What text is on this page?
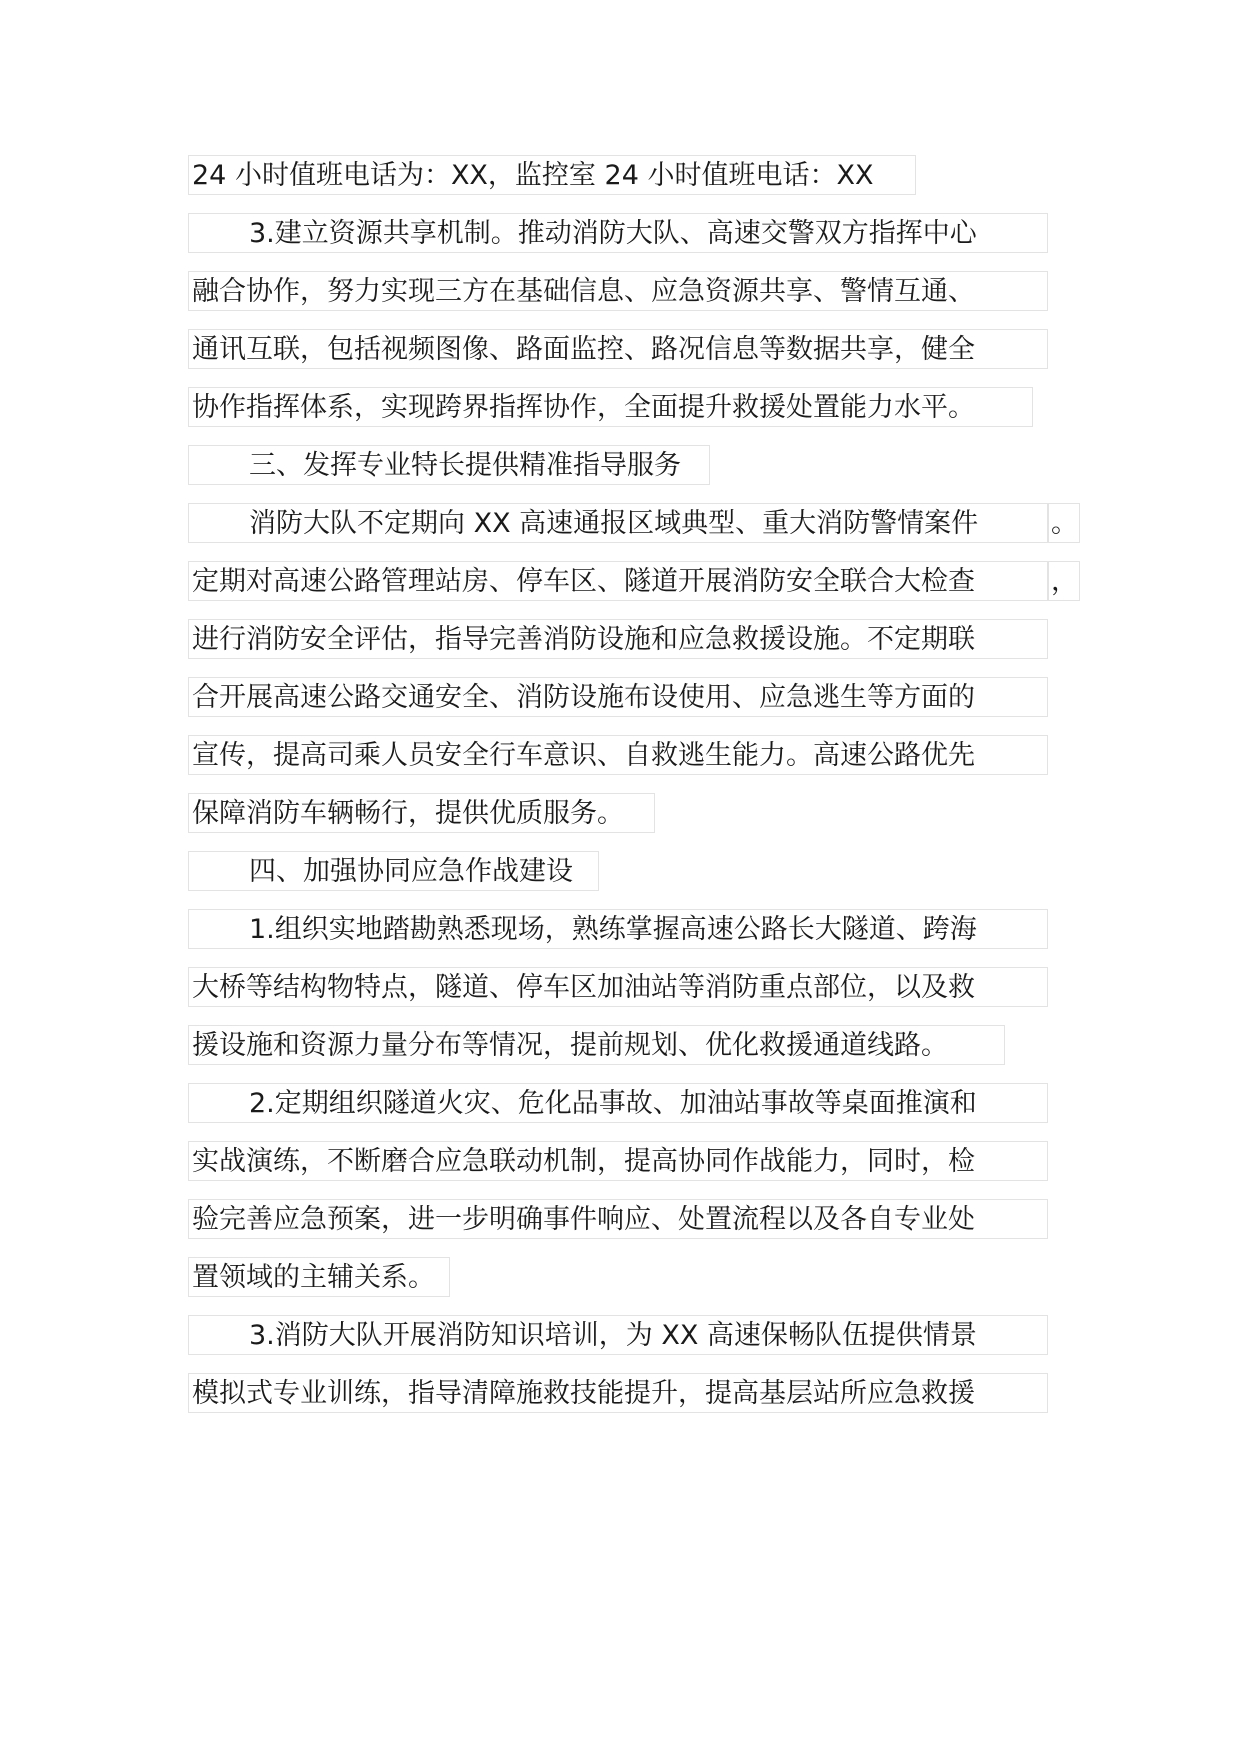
24 小时值班电话为：XX，监控室 24 小时值班电话：XX
3.建立资源共享机制。推动消防大队、高速交警双方指挥中心
融合协作，努力实现三方在基础信息、应急资源共享、警情互通、
通讯互联，包括视频图像、路面监控、路况信息等数据共享，健全
协作指挥体系，实现跨界指挥协作，全面提升救援处置能力水平。
三、发挥专业特长提供精准指导服务
消防大队不定期向 XX 高速通报区域典型、重大消防警情案件	。
定期对高速公路管理站房、停车区、隧道开展消防安全联合大检查	，
进行消防安全评估，指导完善消防设施和应急救援设施。不定期联
合开展高速公路交通安全、消防设施布设使用、应急逃生等方面的
宣传，提高司乘人员安全行车意识、自救逃生能力。高速公路优先
保障消防车辆畅行，提供优质服务。
四、加强协同应急作战建设
1.组织实地踏勘熟悉现场，熟练掌握高速公路长大隧道、跨海
大桥等结构物特点，隧道、停车区加油站等消防重点部位，以及救
援设施和资源力量分布等情况，提前规划、优化救援通道线路。
2.定期组织隧道火灾、危化品事故、加油站事故等桌面推演和
实战演练，不断磨合应急联动机制，提高协同作战能力，同时，检
验完善应急预案，进一步明确事件响应、处置流程以及各自专业处
置领域的主辅关系。
3.消防大队开展消防知识培训，为 XX 高速保畅队伍提供情景
模拟式专业训练，指导清障施救技能提升，提高基层站所应急救援
